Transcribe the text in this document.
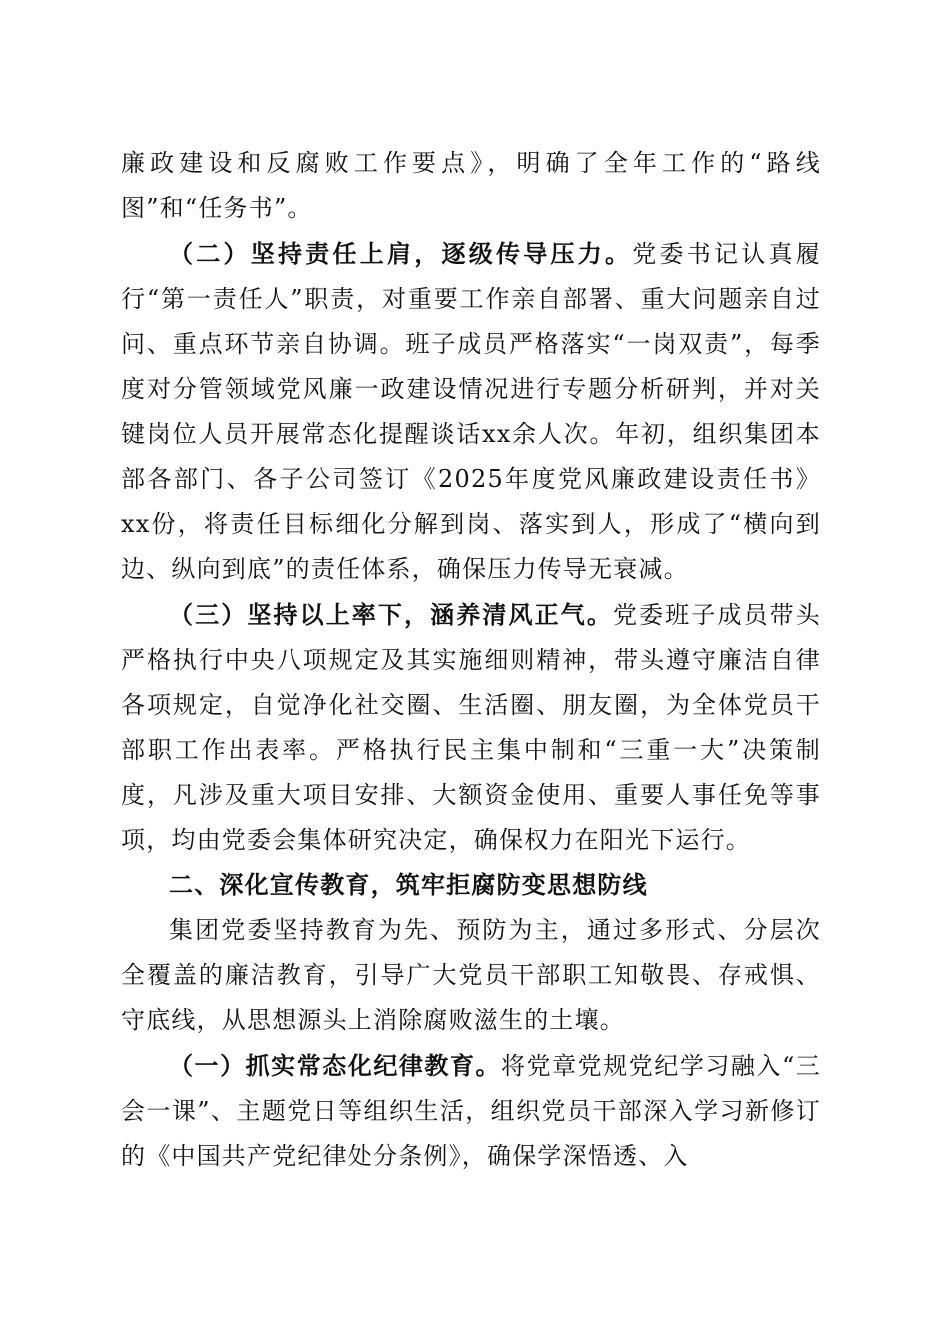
廉政建设和反腐败工作要点》，明确了全年工作的“路线图”和“任务书”。

（二）坚持责任上肩，逐级传导压力。党委书记认真履行“第一责任人”职责，对重要工作亲自部署、重大问题亲自过问、重点环节亲自协调。班子成员严格落实“一岗双责”，每季度对分管领域党风廉一政建设情况进行专题分析研判，并对关键岗位人员开展常态化提醒谈话xx余人次。年初，组织集团本部各部门、各子公司签订《2025年度党风廉政建设责任书》xx份，将责任目标细化分解到岗、落实到人，形成了“横向到边、纵向到底”的责任体系，确保压力传导无衰减。

（三）坚持以上率下，涵养清风正气。党委班子成员带头严格执行中央八项规定及其实施细则精神，带头遵守廉洁自律各项规定，自觉净化社交圈、生活圈、朋友圈，为全体党员干部职工作出表率。严格执行民主集中制和“三重一大”决策制度，凡涉及重大项目安排、大额资金使用、重要人事任免等事项，均由党委会集体研究决定，确保权力在阳光下运行。

二、深化宣传教育，筑牢拒腐防变思想防线

集团党委坚持教育为先、预防为主，通过多形式、分层次全覆盖的廉洁教育，引导广大党员干部职工知敬畏、存戒惧、守底线，从思想源头上消除腐败滋生的土壤。

（一）抓实常态化纪律教育。将党章党规党纪学习融入“三会一课”、主题党日等组织生活，组织党员干部深入学习新修订的《中国共产党纪律处分条例》，确保学深悟透、入
